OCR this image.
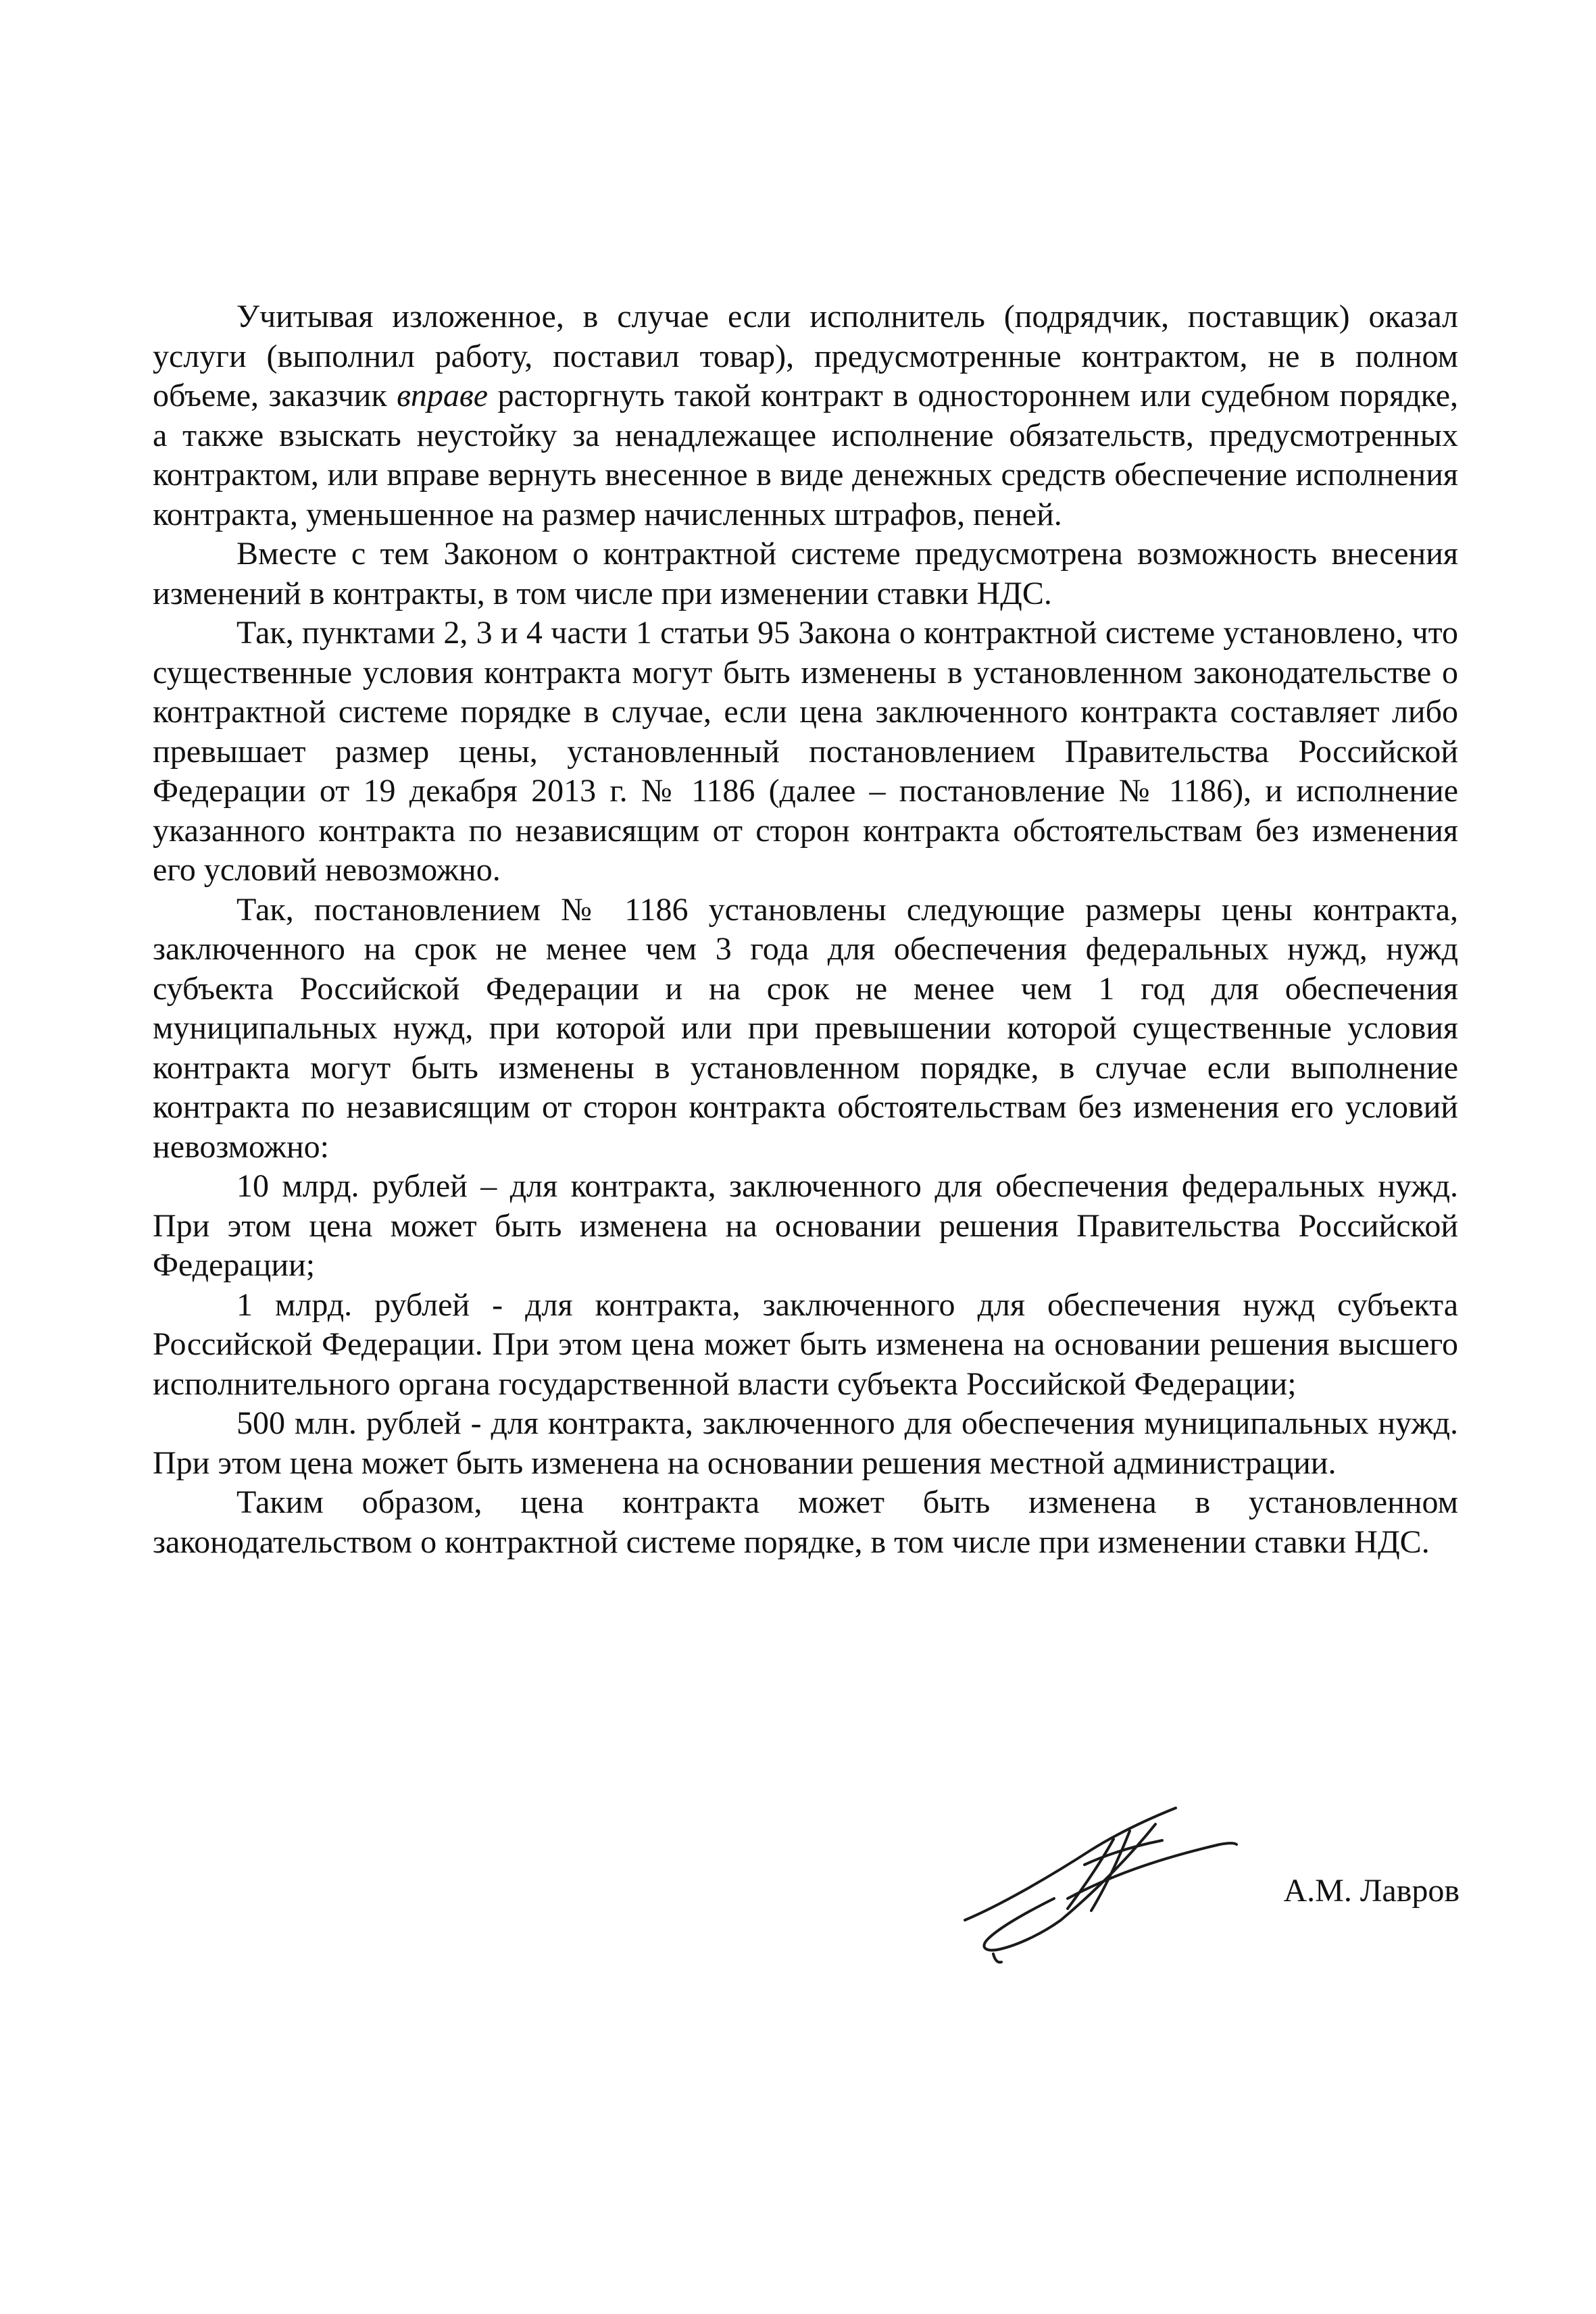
Учитывая изложенное, в случае если исполнитель (подрядчик, поставщик) оказал услуги (выполнил работу, поставил товар), предусмотренные контрактом, не в полном объеме, заказчик вправе расторгнуть такой контракт в одностороннем или судебном порядке, а также взыскать неустойку за ненадлежащее исполнение обязательств, предусмотренных контрактом, или вправе вернуть внесенное в виде денежных средств обеспечение исполнения контракта, уменьшенное на размер начисленных штрафов, пеней.

Вместе с тем Законом о контрактной системе предусмотрена возможность внесения изменений в контракты, в том числе при изменении ставки НДС.

Так, пунктами 2, 3 и 4 части 1 статьи 95 Закона о контрактной системе установлено, что существенные условия контракта могут быть изменены в установленном законодательстве о контрактной системе порядке в случае, если цена заключенного контракта составляет либо превышает размер цены, установленный постановлением Правительства Российской Федерации от 19 декабря 2013 г. № 1186 (далее – постановление № 1186), и исполнение указанного контракта по независящим от сторон контракта обстоятельствам без изменения его условий невозможно.

Так, постановлением № 1186 установлены следующие размеры цены контракта, заключенного на срок не менее чем 3 года для обеспечения федеральных нужд, нужд субъекта Российской Федерации и на срок не менее чем 1 год для обеспечения муниципальных нужд, при которой или при превышении которой существенные условия контракта могут быть изменены в установленном порядке, в случае если выполнение контракта по независящим от сторон контракта обстоятельствам без изменения его условий невозможно:

10 млрд. рублей – для контракта, заключенного для обеспечения федеральных нужд. При этом цена может быть изменена на основании решения Правительства Российской Федерации;

1 млрд. рублей - для контракта, заключенного для обеспечения нужд субъекта Российской Федерации. При этом цена может быть изменена на основании решения высшего исполнительного органа государственной власти субъекта Российской Федерации;

500 млн. рублей - для контракта, заключенного для обеспечения муниципальных нужд. При этом цена может быть изменена на основании решения местной администрации.

Таким образом, цена контракта может быть изменена в установленном законодательством о контрактной системе порядке, в том числе при изменении ставки НДС.

А.М. Лавров
